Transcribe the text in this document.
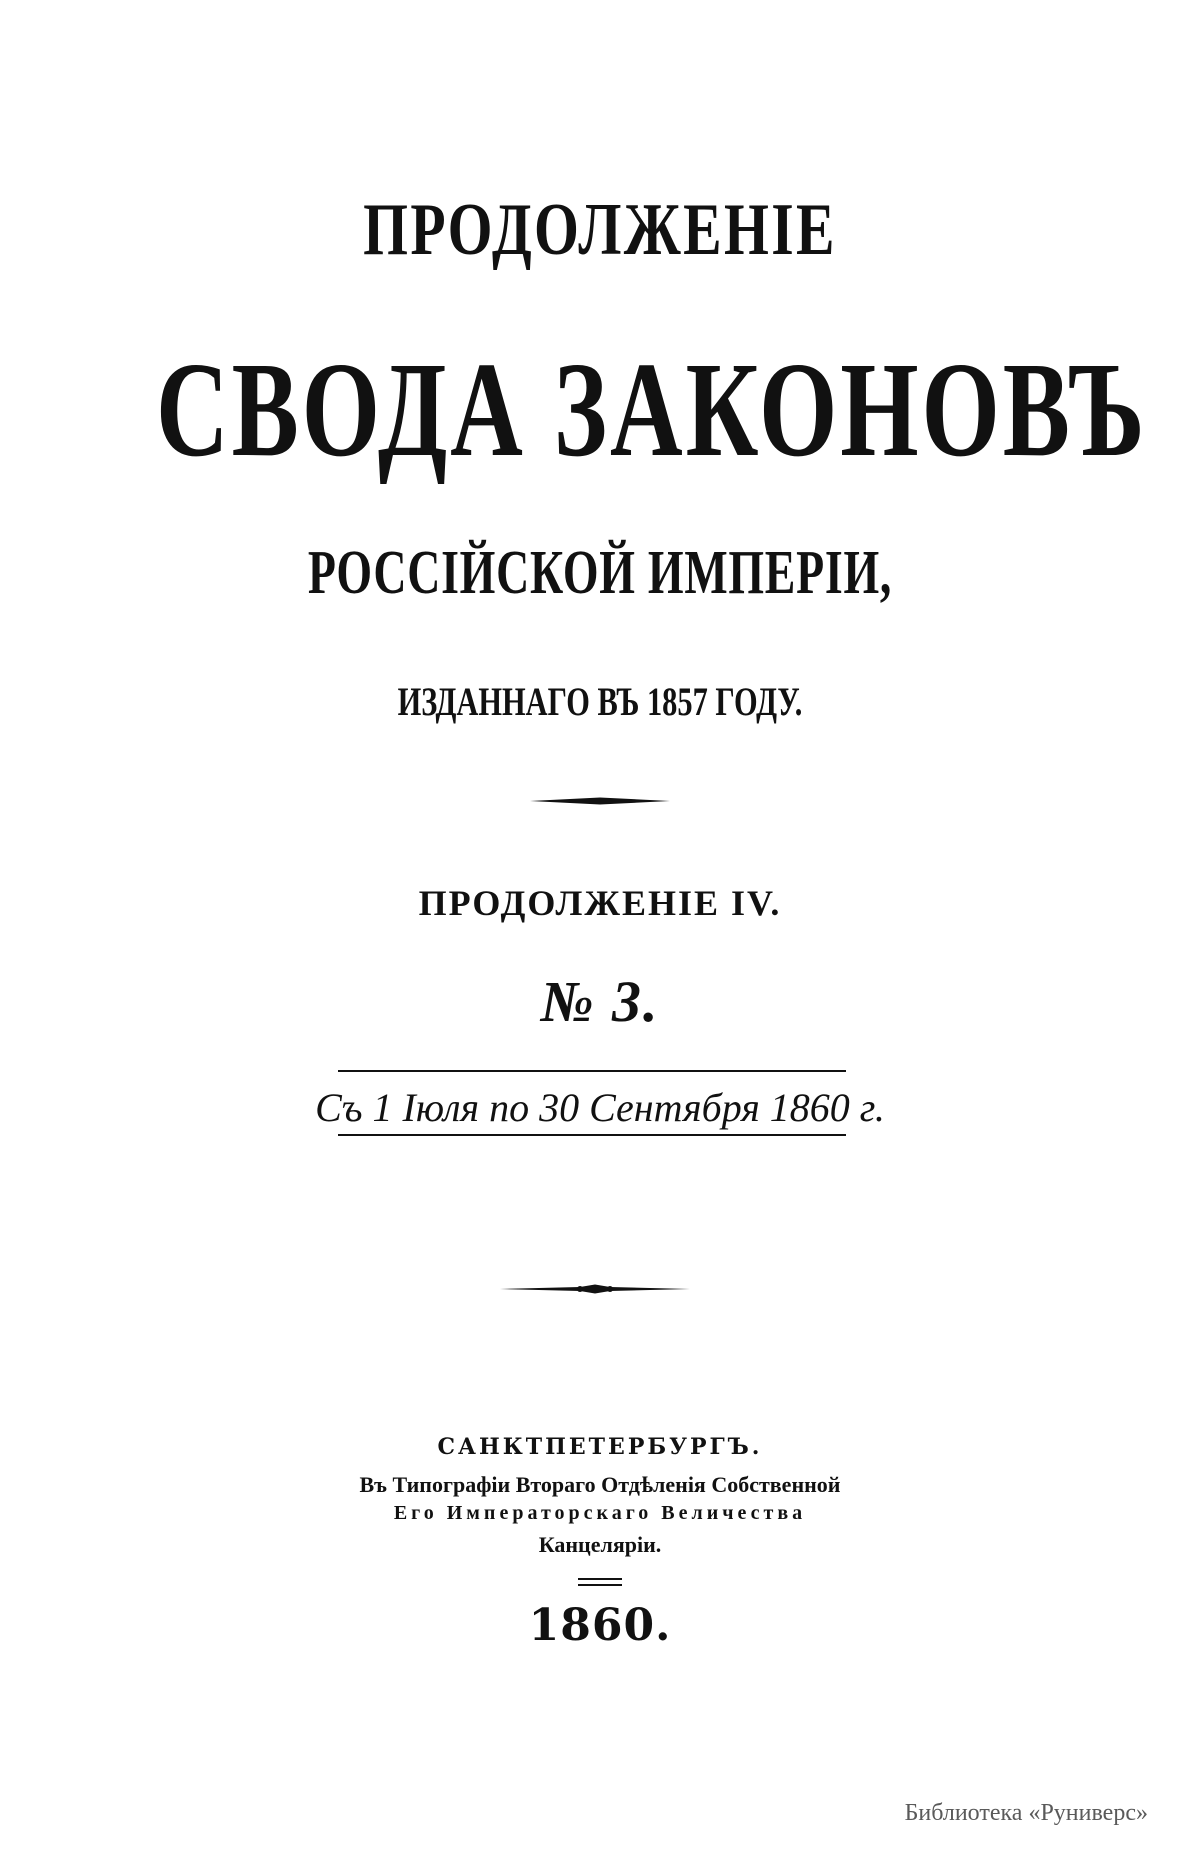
ПРОДОЛЖЕНІЕ
СВОДА ЗАКОНОВЪ
РОССІЙСКОЙ ИМПЕРІИ,
ИЗДАННАГО ВЪ 1857 ГОДУ.
ПРОДОЛЖЕНІЕ IV.
№ 3.
Съ 1 Іюля по 30 Сентября 1860 г.
САНКТПЕТЕРБУРГЪ.
Въ Типографіи Втораго Отдѣленія Собственной
Его Императорскаго Величества
Канцеляріи.
1860.
Библиотека «Руниверс»
